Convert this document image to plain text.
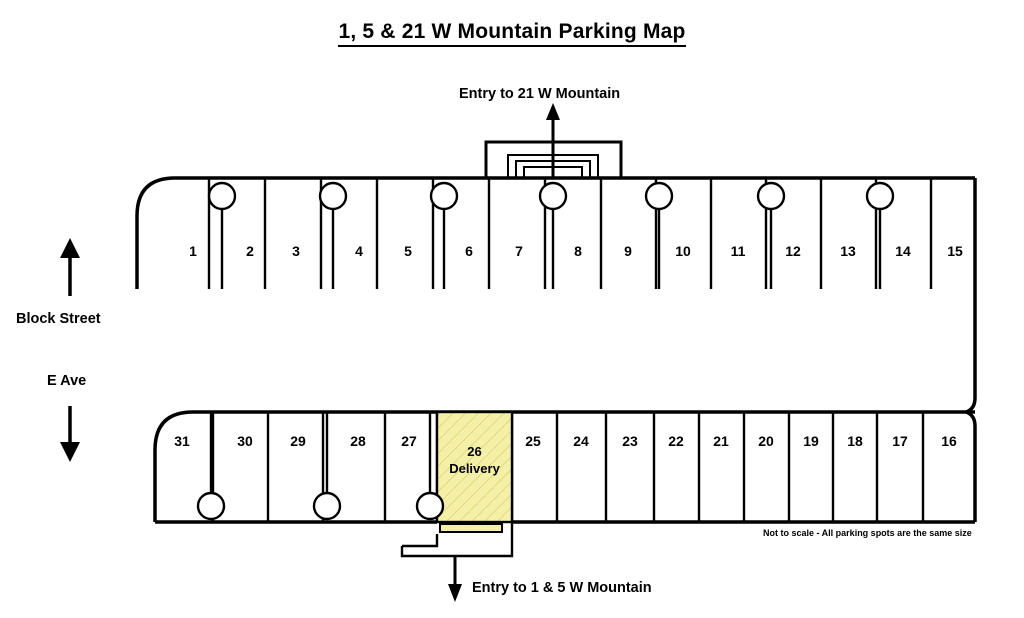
1, 5 & 21 W Mountain Parking Map
Entry to 21 W Mountain
Entry to 1 & 5 W Mountain
Block Street
E Ave
Not to scale - All parking spots are the same size
26
Delivery
1	2	3	4	5	6	7	8	9	10	11	12	13	14	15
31	30	29	28	27	25	24	23	22	21	20	19	18	17	16
